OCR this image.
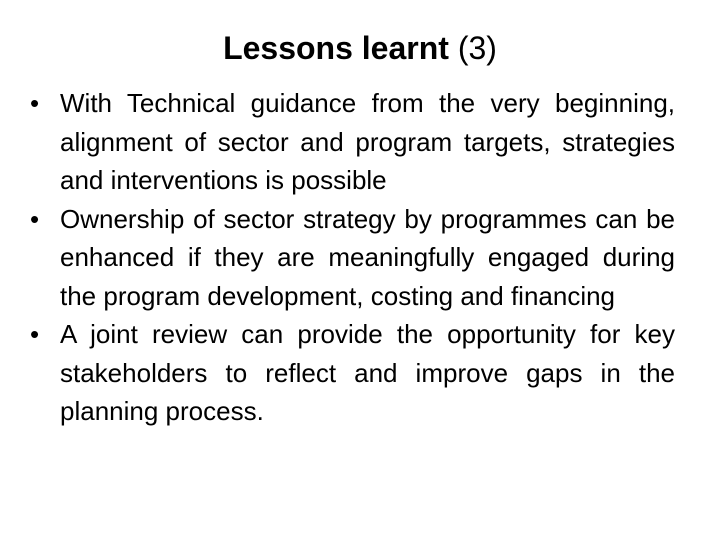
Lessons learnt (3)
• With Technical guidance from the very beginning, alignment of sector and program targets, strategies and interventions is possible
• Ownership of sector strategy by programmes can be enhanced if they are meaningfully engaged during the program development, costing and financing
• A joint review can provide the opportunity for key stakeholders to reflect and improve gaps in the planning process.
